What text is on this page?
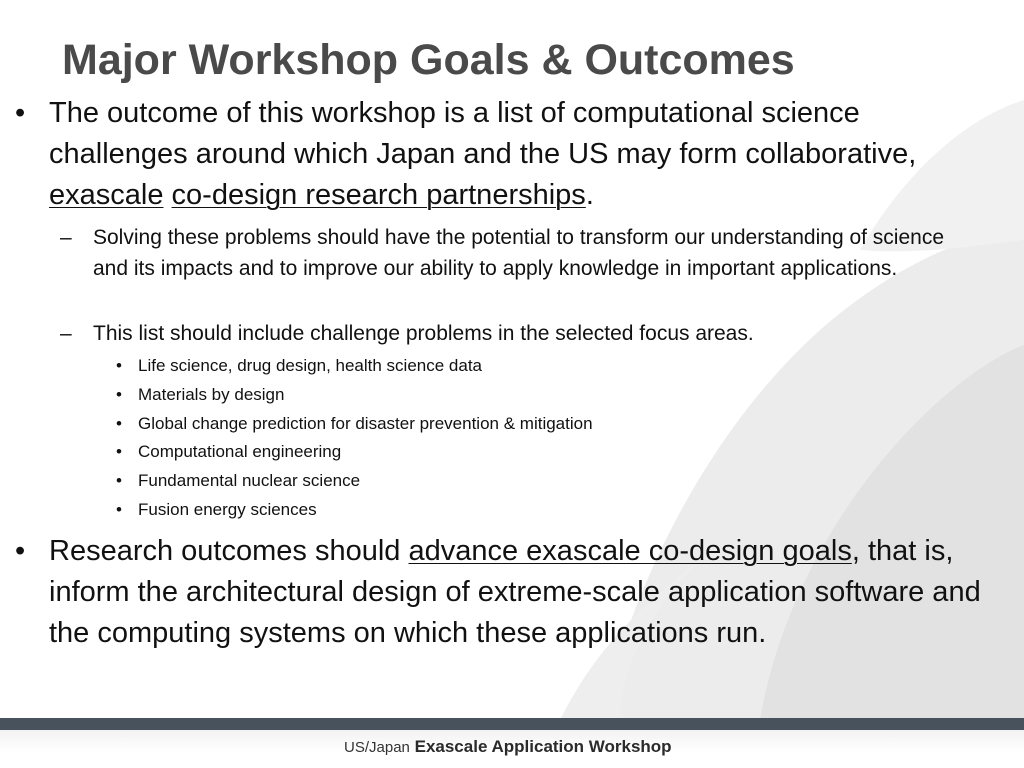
Major Workshop Goals & Outcomes
• The outcome of this workshop is a list of computational science challenges around which Japan and the US may form collaborative, exascale co-design research partnerships.
– Solving these problems should have the potential to transform our understanding of science and its impacts and to improve our ability to apply knowledge in important applications.
– This list should include challenge problems in the selected focus areas.
• Life science, drug design, health science data
• Materials by design
• Global change prediction for disaster prevention & mitigation
• Computational engineering
• Fundamental nuclear science
• Fusion energy sciences
• Research outcomes should advance exascale co-design goals, that is, inform the architectural design of extreme-scale application software and the computing systems on which these applications run.
US/Japan Exascale Application Workshop
